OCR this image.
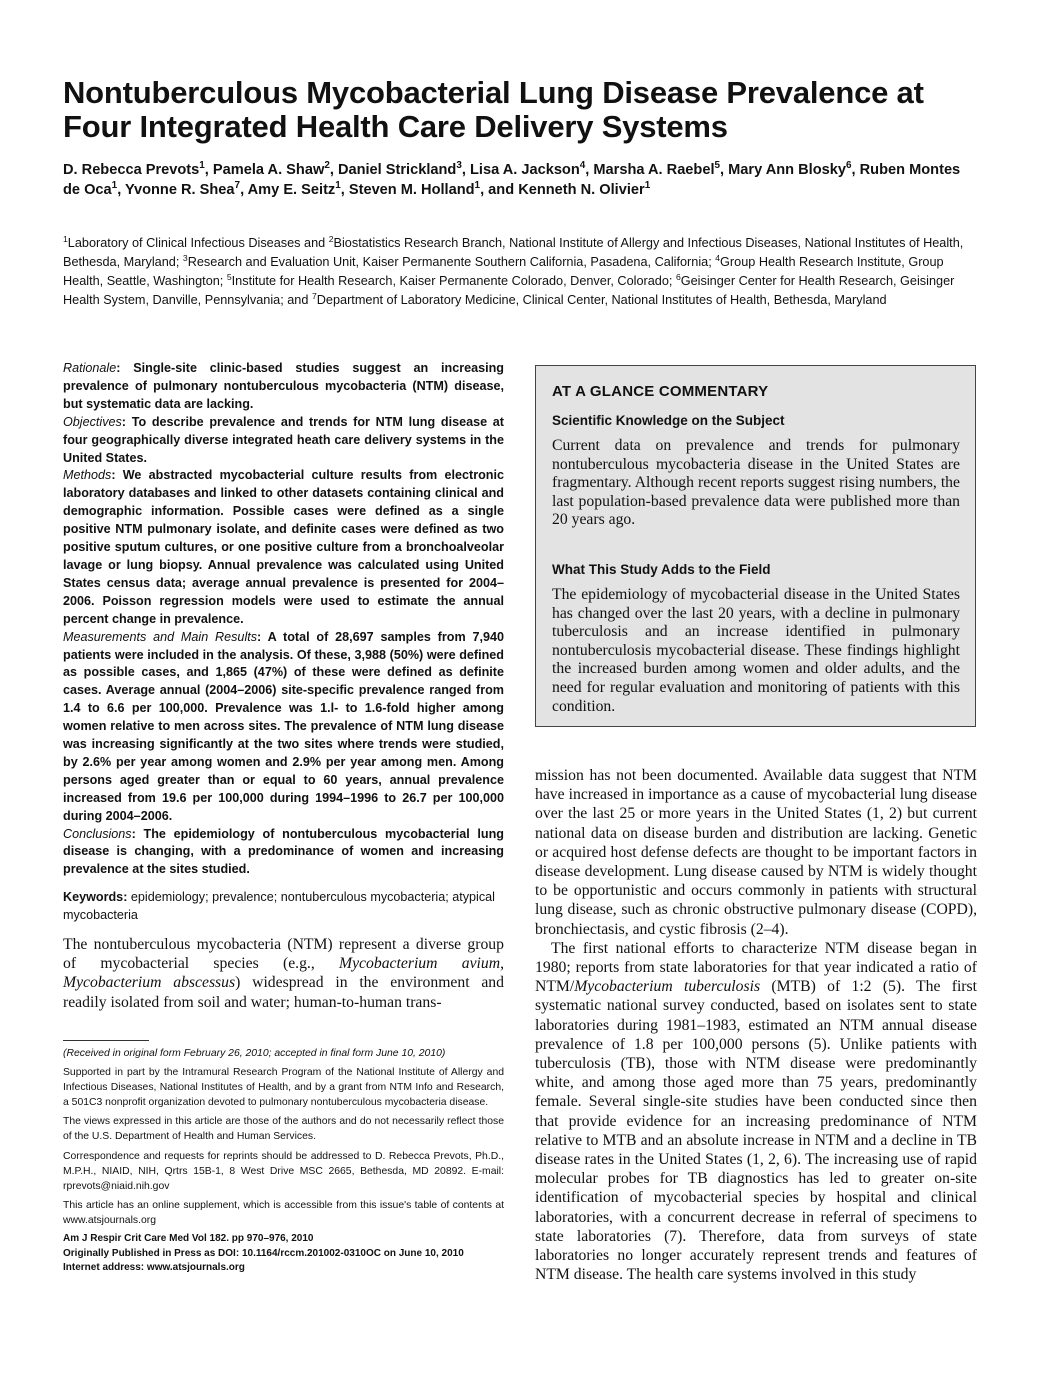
Nontuberculous Mycobacterial Lung Disease Prevalence at Four Integrated Health Care Delivery Systems
D. Rebecca Prevots$^1$, Pamela A. Shaw$^2$, Daniel Strickland$^3$, Lisa A. Jackson$^4$, Marsha A. Raebel$^5$, Mary Ann Blosky$^6$, Ruben Montes de Oca$^1$, Yvonne R. Shea$^7$, Amy E. Seitz$^1$, Steven M. Holland$^1$, and Kenneth N. Olivier$^1$
$^1$Laboratory of Clinical Infectious Diseases and $^2$Biostatistics Research Branch, National Institute of Allergy and Infectious Diseases, National Institutes of Health, Bethesda, Maryland; $^3$Research and Evaluation Unit, Kaiser Permanente Southern California, Pasadena, California; $^4$Group Health Research Institute, Group Health, Seattle, Washington; $^5$Institute for Health Research, Kaiser Permanente Colorado, Denver, Colorado; $^6$Geisinger Center for Health Research, Geisinger Health System, Danville, Pennsylvania; and $^7$Department of Laboratory Medicine, Clinical Center, National Institutes of Health, Bethesda, Maryland

Rationale: Single-site clinic-based studies suggest an increasing prevalence of pulmonary nontuberculous mycobacteria (NTM) disease, but systematic data are lacking.

Objectives: To describe prevalence and trends for NTM lung disease at four geographically diverse integrated heath care delivery systems in the United States.

Methods: We abstracted mycobacterial culture results from electronic laboratory databases and linked to other datasets containing clinical and demographic information. Possible cases were defined as a single positive NTM pulmonary isolate, and definite cases were defined as two positive sputum cultures, or one positive culture from a bronchoalveolar lavage or lung biopsy. Annual prevalence was calculated using United States census data; average annual prevalence is presented for 2004–2006. Poisson regression models were used to estimate the annual percent change in prevalence.

Measurements and Main Results: A total of 28,697 samples from 7,940 patients were included in the analysis. Of these, 3,988 (50%) were defined as possible cases, and 1,865 (47%) of these were defined as definite cases. Average annual (2004–2006) site-specific prevalence ranged from 1.4 to 6.6 per 100,000. Prevalence was 1.l- to 1.6-fold higher among women relative to men across sites. The prevalence of NTM lung disease was increasing significantly at the two sites where trends were studied, by 2.6% per year among women and 2.9% per year among men. Among persons aged greater than or equal to 60 years, annual prevalence increased from 19.6 per 100,000 during 1994–1996 to 26.7 per 100,000 during 2004–2006.

Conclusions: The epidemiology of nontuberculous mycobacterial lung disease is changing, with a predominance of women and increasing prevalence at the sites studied.

Keywords: epidemiology; prevalence; nontuberculous mycobacteria; atypical mycobacteria

The nontuberculous mycobacteria (NTM) represent a diverse group of mycobacterial species (e.g., Mycobacterium avium, Mycobacterium abscessus) widespread in the environment and readily isolated from soil and water; human-to-human trans-

(Received in original form February 26, 2010; accepted in final form June 10, 2010)

Supported in part by the Intramural Research Program of the National Institute of Allergy and Infectious Diseases, National Institutes of Health, and by a grant from NTM Info and Research, a 501C3 nonprofit organization devoted to pulmonary nontuberculous mycobacteria disease.

The views expressed in this article are those of the authors and do not necessarily reflect those of the U.S. Department of Health and Human Services.

Correspondence and requests for reprints should be addressed to D. Rebecca Prevots, Ph.D., M.P.H., NIAID, NIH, Qrtrs 15B-1, 8 West Drive MSC 2665, Bethesda, MD 20892. E-mail: rprevots@niaid.nih.gov

This article has an online supplement, which is accessible from this issue's table of contents at www.atsjournals.org

Am J Respir Crit Care Med Vol 182. pp 970–976, 2010
Originally Published in Press as DOI: 10.1164/rccm.201002-0310OC on June 10, 2010
Internet address: www.atsjournals.org

AT A GLANCE COMMENTARY
Scientific Knowledge on the Subject

Current data on prevalence and trends for pulmonary nontuberculous mycobacteria disease in the United States are fragmentary. Although recent reports suggest rising numbers, the last population-based prevalence data were published more than 20 years ago.

What This Study Adds to the Field

The epidemiology of mycobacterial disease in the United States has changed over the last 20 years, with a decline in pulmonary tuberculosis and an increase identified in pulmonary nontuberculosis mycobacterial disease. These findings highlight the increased burden among women and older adults, and the need for regular evaluation and monitoring of patients with this condition.

mission has not been documented. Available data suggest that NTM have increased in importance as a cause of mycobacterial lung disease over the last 25 or more years in the United States (1, 2) but current national data on disease burden and distribution are lacking. Genetic or acquired host defense defects are thought to be important factors in disease development. Lung disease caused by NTM is widely thought to be opportunistic and occurs commonly in patients with structural lung disease, such as chronic obstructive pulmonary disease (COPD), bronchiectasis, and cystic fibrosis (2–4).

The first national efforts to characterize NTM disease began in 1980; reports from state laboratories for that year indicated a ratio of NTM/Mycobacterium tuberculosis (MTB) of 1:2 (5). The first systematic national survey conducted, based on isolates sent to state laboratories during 1981–1983, estimated an NTM annual disease prevalence of 1.8 per 100,000 persons (5). Unlike patients with tuberculosis (TB), those with NTM disease were predominantly white, and among those aged more than 75 years, predominantly female. Several single-site studies have been conducted since then that provide evidence for an increasing predominance of NTM relative to MTB and an absolute increase in NTM and a decline in TB disease rates in the United States (1, 2, 6). The increasing use of rapid molecular probes for TB diagnostics has led to greater on-site identification of mycobacterial species by hospital and clinical laboratories, with a concurrent decrease in referral of specimens to state laboratories (7). Therefore, data from surveys of state laboratories no longer accurately represent trends and features of NTM disease. The health care systems involved in this study
